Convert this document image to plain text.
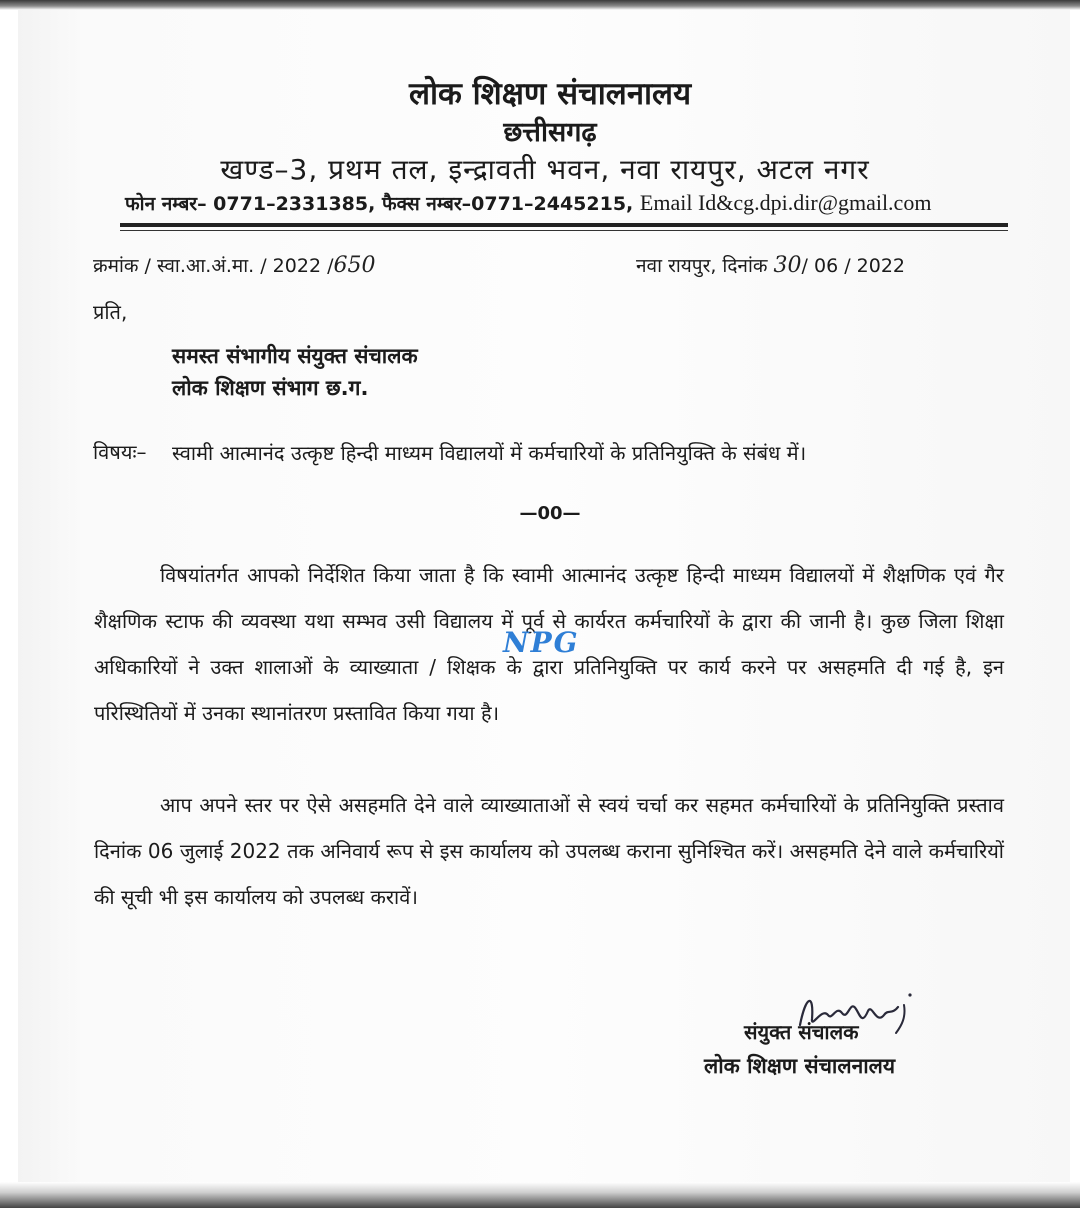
लोक शिक्षण संचालनालय
छत्तीसगढ़
खण्ड–3, प्रथम तल, इन्द्रावती भवन, नवा रायपुर, अटल नगर
फोन नम्बर– 0771–2331385, फैक्स नम्बर–0771–2445215, Email Id&cg.dpi.dir@gmail.com
क्रमांक / स्वा.आ.अं.मा. / 2022 /650	नवा रायपुर, दिनांक 30/ 06 / 2022
प्रति,
समस्त संभागीय संयुक्त संचालक
लोक शिक्षण संभाग छ.ग.
विषयः– स्वामी आत्मानंद उत्कृष्ट हिन्दी माध्यम विद्यालयों में कर्मचारियों के प्रतिनियुक्ति के संबंध में।
—00—
विषयांतर्गत आपको निर्देशित किया जाता है कि स्वामी आत्मानंद उत्कृष्ट हिन्दी माध्यम विद्यालयों में शैक्षणिक एवं गैर शैक्षणिक स्टाफ की व्यवस्था यथा सम्भव उसी विद्यालय में पूर्व से कार्यरत कर्मचारियों के द्वारा की जानी है। कुछ जिला शिक्षा अधिकारियों ने उक्त शालाओं के व्याख्याता / शिक्षक के द्वारा प्रतिनियुक्ति पर कार्य करने पर असहमति दी गई है, इन परिस्थितियों में उनका स्थानांतरण प्रस्तावित किया गया है।
आप अपने स्तर पर ऐसे असहमति देने वाले व्याख्याताओं से स्वयं चर्चा कर सहमत कर्मचारियों के प्रतिनियुक्ति प्रस्ताव दिनांक 06 जुलाई 2022 तक अनिवार्य रूप से इस कार्यालय को उपलब्ध कराना सुनिश्चित करें। असहमति देने वाले कर्मचारियों की सूची भी इस कार्यालय को उपलब्ध करावें।
NPG
संयुक्त संचालक
लोक शिक्षण संचालनालय
